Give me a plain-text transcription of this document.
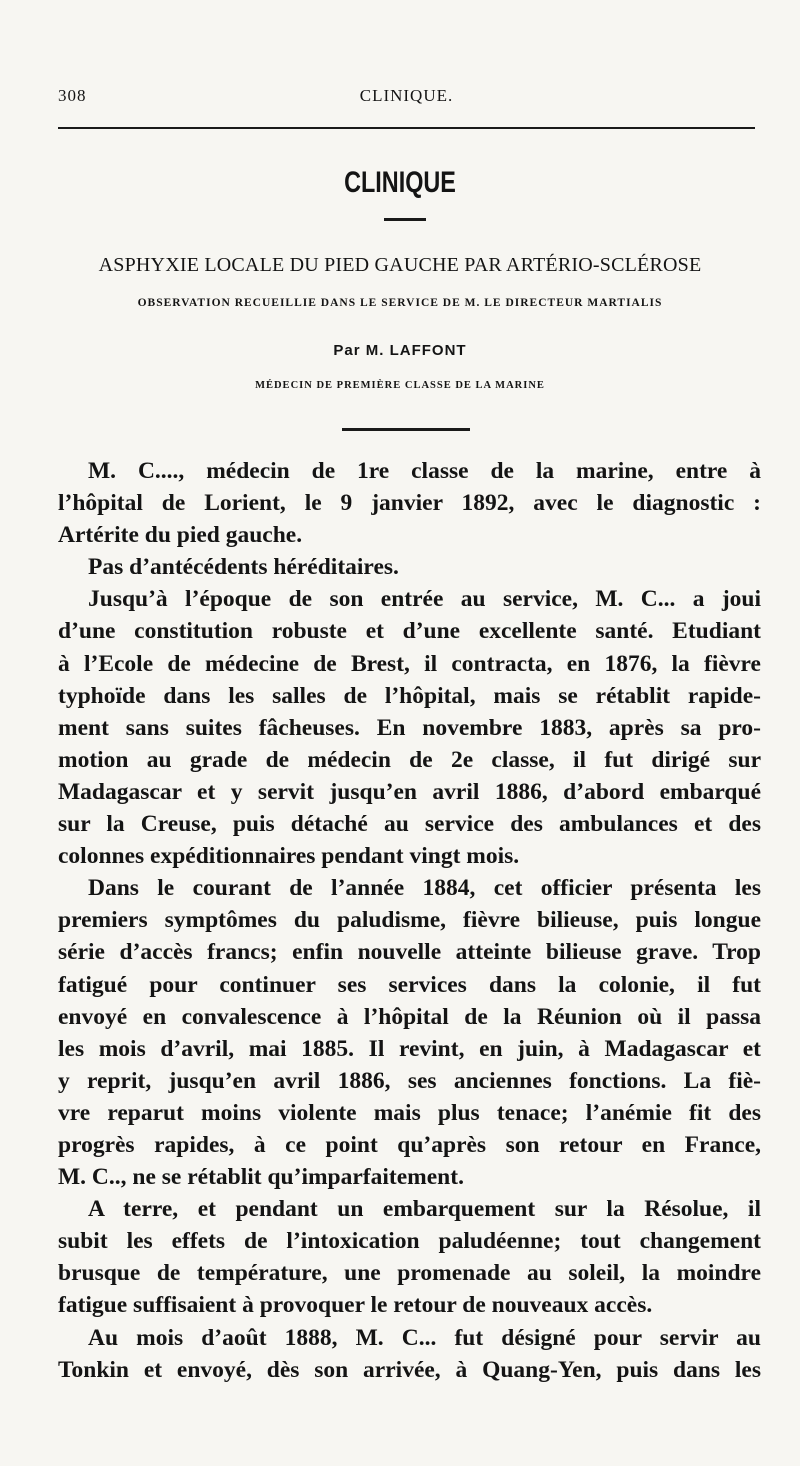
308	CLINIQUE.
CLINIQUE
ASPHYXIE LOCALE DU PIED GAUCHE PAR ARTÉRIO-SCLÉROSE
OBSERVATION RECUEILLIE DANS LE SERVICE DE M. LE DIRECTEUR MARTIALIS
Par M. LAFFONT
MÉDECIN DE PREMIÈRE CLASSE DE LA MARINE
M. C...., médecin de 1re classe de la marine, entre à
l’hôpital de Lorient, le 9 janvier 1892, avec le diagnostic :
Artérite du pied gauche.
Pas d’antécédents héréditaires.
Jusqu’à l’époque de son entrée au service, M. C... a joui
d’une constitution robuste et d’une excellente santé. Etudiant
à l’Ecole de médecine de Brest, il contracta, en 1876, la fièvre
typhoïde dans les salles de l’hôpital, mais se rétablit rapide-
ment sans suites fâcheuses. En novembre 1883, après sa pro-
motion au grade de médecin de 2e classe, il fut dirigé sur
Madagascar et y servit jusqu’en avril 1886, d’abord embarqué
sur la Creuse, puis détaché au service des ambulances et des
colonnes expéditionnaires pendant vingt mois.
Dans le courant de l’année 1884, cet officier présenta les
premiers symptômes du paludisme, fièvre bilieuse, puis longue
série d’accès francs; enfin nouvelle atteinte bilieuse grave. Trop
fatigué pour continuer ses services dans la colonie, il fut
envoyé en convalescence à l’hôpital de la Réunion où il passa
les mois d’avril, mai 1885. Il revint, en juin, à Madagascar et
y reprit, jusqu’en avril 1886, ses anciennes fonctions. La fiè-
vre reparut moins violente mais plus tenace; l’anémie fit des
progrès rapides, à ce point qu’après son retour en France,
M. C.., ne se rétablit qu’imparfaitement.
A terre, et pendant un embarquement sur la Résolue, il
subit les effets de l’intoxication paludéenne; tout changement
brusque de température, une promenade au soleil, la moindre
fatigue suffisaient à provoquer le retour de nouveaux accès.
Au mois d’août 1888, M. C... fut désigné pour servir au
Tonkin et envoyé, dès son arrivée, à Quang-Yen, puis dans les
